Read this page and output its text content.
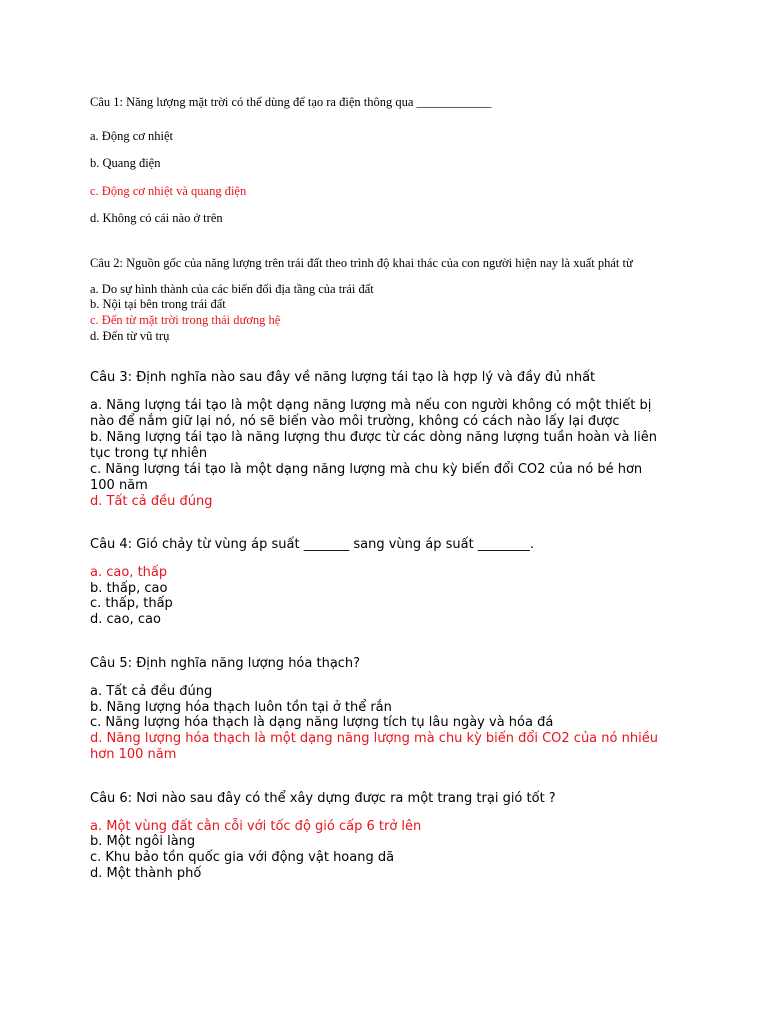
Câu 1: Năng lượng mặt trời có thể dùng để tạo ra điện thông qua ____________
a. Động cơ nhiệt
b. Quang điện
c. Động cơ nhiệt và quang điện
d. Không có cái nào ở trên
Câu 2: Nguồn gốc của năng lượng trên trái đất theo trình độ khai thác của con người hiện nay là xuất phát từ
a. Do sự hình thành của các biến đổi địa tầng của trái đất
b. Nội tại bên trong trái đất
c. Đến từ mặt trời trong thái dương hệ
d. Đến từ vũ trụ
Câu 3: Định nghĩa nào sau đây về năng lượng tái tạo là hợp lý và đầy đủ nhất
a. Năng lượng tái tạo là một dạng năng lượng mà nếu con người không có một thiết bị
nào để nắm giữ lại nó, nó sẽ biến vào môi trường, không có cách nào lấy lại được
b. Năng lượng tái tạo là năng lượng thu được từ các dòng năng lượng tuần hoàn và liên
tục trong tự nhiên
c. Năng lượng tái tạo là một dạng năng lượng mà chu kỳ biến đổi CO2 của nó bé hơn
100 năm
d. Tất cả đều đúng
Câu 4: Gió chảy từ vùng áp suất _______ sang vùng áp suất ________.
a. cao, thấp
b. thấp, cao
c. thấp, thấp
d. cao, cao
Câu 5: Định nghĩa năng lượng hóa thạch?
a. Tất cả đều đúng
b. Năng lượng hóa thạch luôn tồn tại ở thể rắn
c. Năng lượng hóa thạch là dạng năng lượng tích tụ lâu ngày và hóa đá
d. Năng lượng hóa thạch là một dạng năng lượng mà chu kỳ biến đổi CO2 của nó nhiều
hơn 100 năm
Câu 6: Nơi nào sau đây có thể xây dựng được ra một trang trại gió tốt ?
a. Một vùng đất cằn cỗi với tốc độ gió cấp 6 trở lên
b. Một ngôi làng
c. Khu bảo tồn quốc gia với động vật hoang dã
d. Một thành phố
